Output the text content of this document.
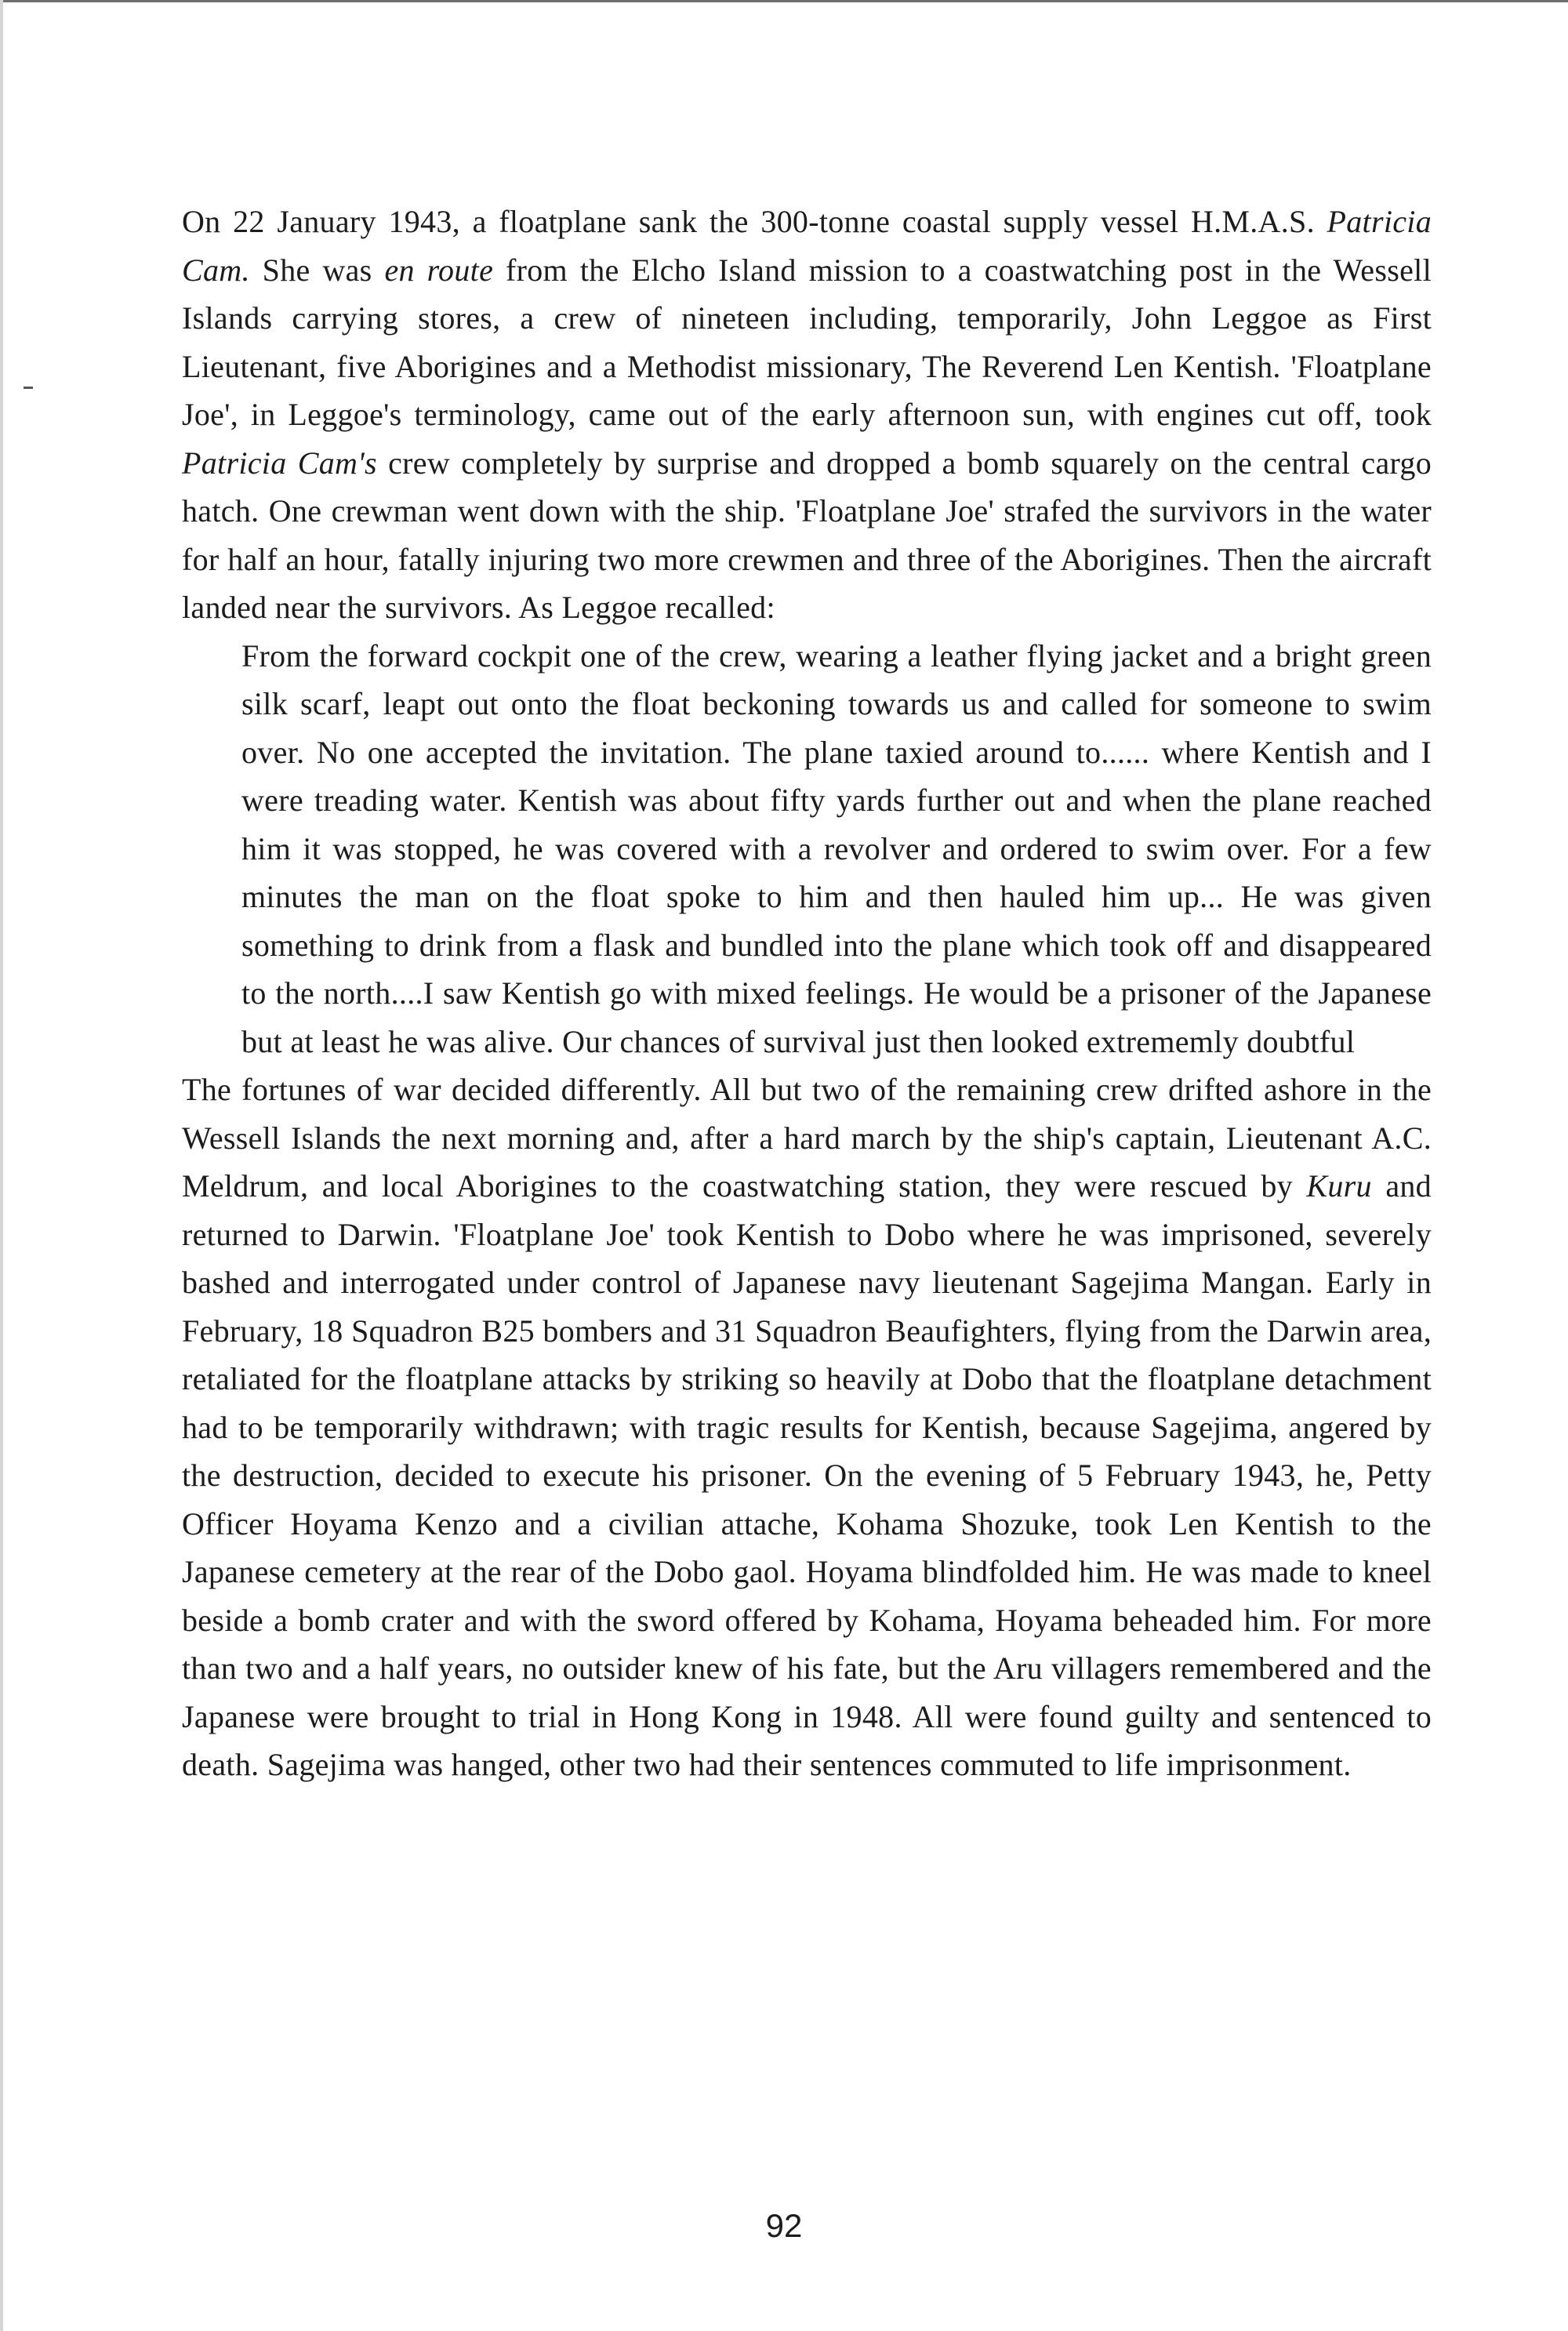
On 22 January 1943, a floatplane sank the 300-tonne coastal supply vessel H.M.A.S. Patricia Cam. She was en route from the Elcho Island mission to a coastwatching post in the Wessell Islands carrying stores, a crew of nineteen including, temporarily, John Leggoe as First Lieutenant, five Aborigines and a Methodist missionary, The Reverend Len Kentish. 'Floatplane Joe', in Leggoe's terminology, came out of the early afternoon sun, with engines cut off, took Patricia Cam's crew completely by surprise and dropped a bomb squarely on the central cargo hatch. One crewman went down with the ship. 'Floatplane Joe' strafed the survivors in the water for half an hour, fatally injuring two more crewmen and three of the Aborigines. Then the aircraft landed near the survivors. As Leggoe recalled:

From the forward cockpit one of the crew, wearing a leather flying jacket and a bright green silk scarf, leapt out onto the float beckoning towards us and called for someone to swim over. No one accepted the invitation. The plane taxied around to...... where Kentish and I were treading water. Kentish was about fifty yards further out and when the plane reached him it was stopped, he was covered with a revolver and ordered to swim over. For a few minutes the man on the float spoke to him and then hauled him up... He was given something to drink from a flask and bundled into the plane which took off and disappeared to the north....I saw Kentish go with mixed feelings. He would be a prisoner of the Japanese but at least he was alive. Our chances of survival just then looked extrememly doubtful

The fortunes of war decided differently. All but two of the remaining crew drifted ashore in the Wessell Islands the next morning and, after a hard march by the ship's captain, Lieutenant A.C. Meldrum, and local Aborigines to the coastwatching station, they were rescued by Kuru and returned to Darwin. 'Floatplane Joe' took Kentish to Dobo where he was imprisoned, severely bashed and interrogated under control of Japanese navy lieutenant Sagejima Mangan. Early in February, 18 Squadron B25 bombers and 31 Squadron Beaufighters, flying from the Darwin area, retaliated for the floatplane attacks by striking so heavily at Dobo that the floatplane detachment had to be temporarily withdrawn; with tragic results for Kentish, because Sagejima, angered by the destruction, decided to execute his prisoner. On the evening of 5 February 1943, he, Petty Officer Hoyama Kenzo and a civilian attache, Kohama Shozuke, took Len Kentish to the Japanese cemetery at the rear of the Dobo gaol. Hoyama blindfolded him. He was made to kneel beside a bomb crater and with the sword offered by Kohama, Hoyama beheaded him. For more than two and a half years, no outsider knew of his fate, but the Aru villagers remembered and the Japanese were brought to trial in Hong Kong in 1948. All were found guilty and sentenced to death. Sagejima was hanged, other two had their sentences commuted to life imprisonment.

92
